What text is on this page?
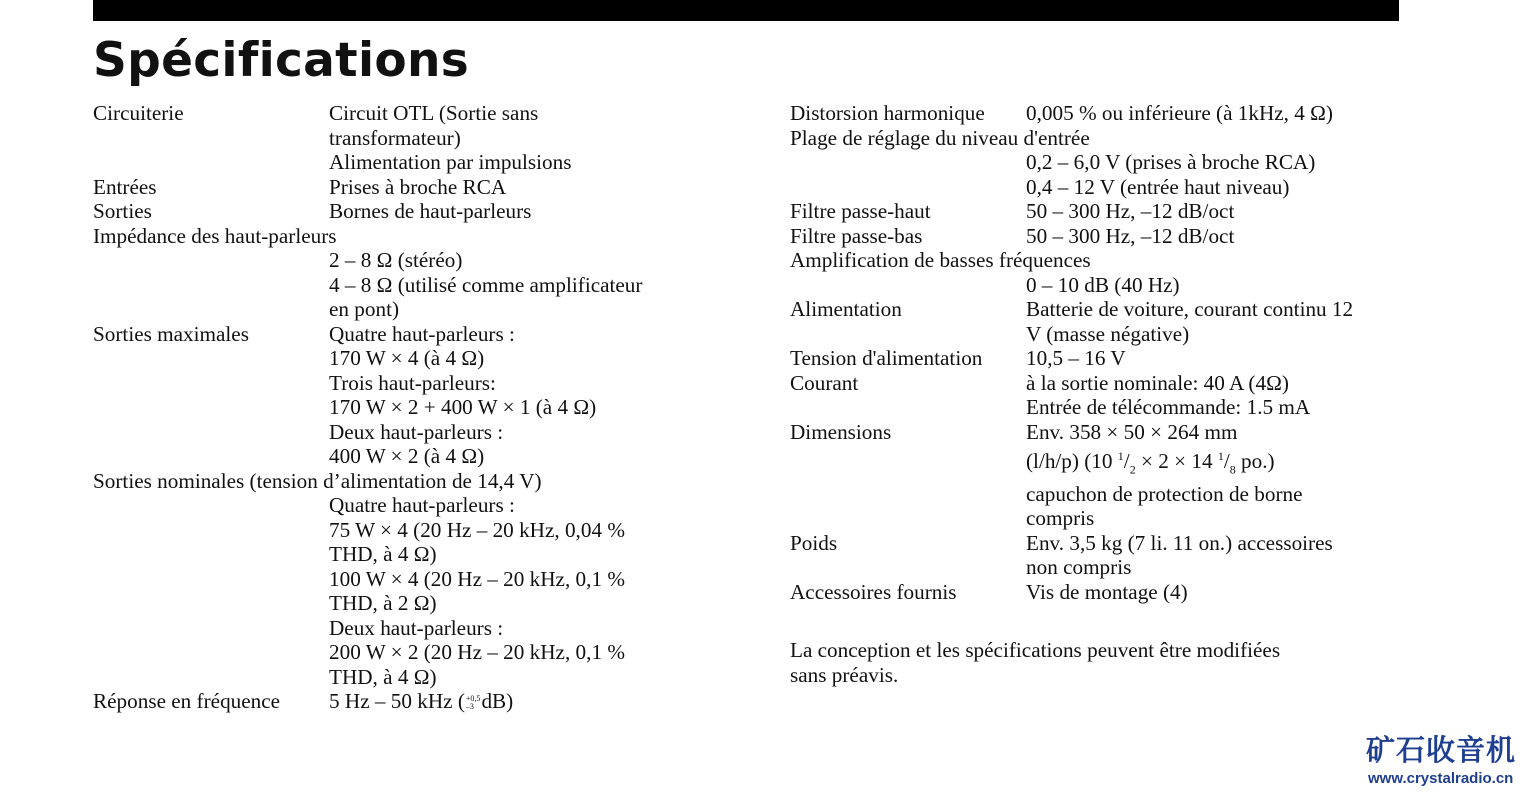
Spécifications
Circuiterie	Circuit OTL (Sortie sans
transformateur)
Alimentation par impulsions
Entrées	Prises à broche RCA
Sorties	Bornes de haut-parleurs
Impédance des haut-parleurs
2 – 8 Ω (stéréo)
4 – 8 Ω (utilisé comme amplificateur
en pont)
Sorties maximales	Quatre haut-parleurs :
170 W × 4 (à 4 Ω)
Trois haut-parleurs:
170 W × 2 + 400 W × 1 (à 4 Ω)
Deux haut-parleurs :
400 W × 2 (à 4 Ω)
Sorties nominales (tension d’alimentation de 14,4 V)
Quatre haut-parleurs :
75 W × 4 (20 Hz – 20 kHz, 0,04 %
THD, à 4 Ω)
100 W × 4 (20 Hz – 20 kHz, 0,1 %
THD, à 2 Ω)
Deux haut-parleurs :
200 W × 2 (20 Hz – 20 kHz, 0,1 %
THD, à 4 Ω)
Réponse en fréquence 5 Hz – 50 kHz ( +0,5
–3 dB)
Distorsion harmonique 0,005 % ou inférieure (à 1kHz, 4 Ω)
Plage de réglage du niveau d'entrée
0,2 – 6,0 V (prises à broche RCA)
0,4 – 12 V (entrée haut niveau)
Filtre passe-haut	50 – 300 Hz, –12 dB/oct
Filtre passe-bas	50 – 300 Hz, –12 dB/oct
Amplification de basses fréquences
0 – 10 dB (40 Hz)
Alimentation	Batterie de voiture, courant continu 12
V (masse négative)
Tension d'alimentation 10,5 – 16 V
Courant	à la sortie nominale: 40 A (4Ω)
Entrée de télécommande: 1.5 mA
Dimensions	Env. 358 × 50 × 264 mm
(l/h/p) (10 $^1/_2 \times 2 \times 14$ $^1/_8$ po.)
capuchon de protection de borne
compris
Poids	Env. 3,5 kg (7 li. 11 on.) accessoires
non compris
Accessoires fournis	Vis de montage (4)
La conception et les spécifications peuvent être modifiées
sans préavis.
矿石收音机
www.crystalradio.cn
